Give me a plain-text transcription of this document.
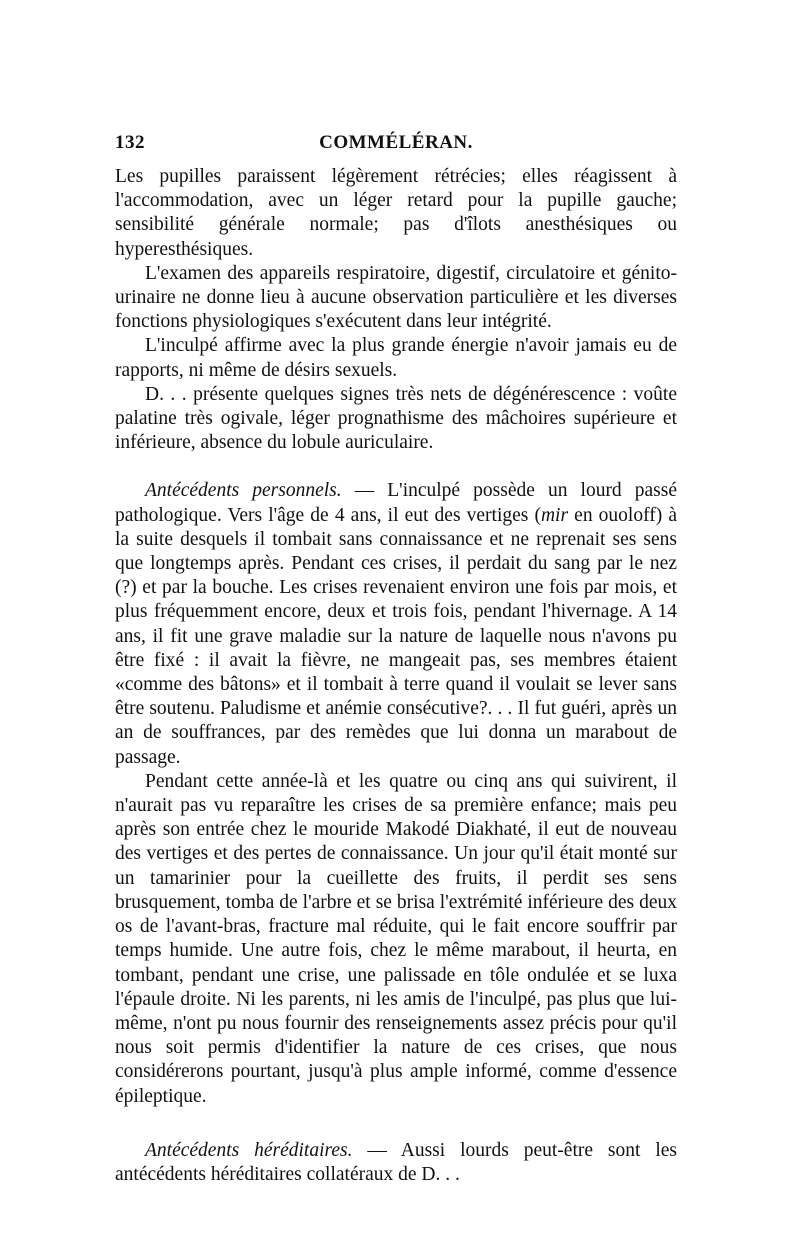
132	COMMÉLÉRAN.

Les pupilles paraissent légèrement rétrécies; elles réagissent à l'accommodation, avec un léger retard pour la pupille gauche; sensibilité générale normale; pas d'îlots anesthésiques ou hyperesthésiques.

L'examen des appareils respiratoire, digestif, circulatoire et génito-urinaire ne donne lieu à aucune observation particulière et les diverses fonctions physiologiques s'exécutent dans leur intégrité.

L'inculpé affirme avec la plus grande énergie n'avoir jamais eu de rapports, ni même de désirs sexuels.

D. . . présente quelques signes très nets de dégénérescence : voûte palatine très ogivale, léger prognathisme des mâchoires supérieure et inférieure, absence du lobule auriculaire.

Antécédents personnels. — L'inculpé possède un lourd passé pathologique. Vers l'âge de 4 ans, il eut des vertiges (mir en ouoloff) à la suite desquels il tombait sans connaissance et ne reprenait ses sens que longtemps après. Pendant ces crises, il perdait du sang par le nez (?) et par la bouche. Les crises revenaient environ une fois par mois, et plus fréquemment encore, deux et trois fois, pendant l'hivernage. A 14 ans, il fit une grave maladie sur la nature de laquelle nous n'avons pu être fixé : il avait la fièvre, ne mangeait pas, ses membres étaient «comme des bâtons» et il tombait à terre quand il voulait se lever sans être soutenu. Paludisme et anémie consécutive?. . . Il fut guéri, après un an de souffrances, par des remèdes que lui donna un marabout de passage.

Pendant cette année-là et les quatre ou cinq ans qui suivirent, il n'aurait pas vu reparaître les crises de sa première enfance; mais peu après son entrée chez le mouride Makodé Diakhaté, il eut de nouveau des vertiges et des pertes de connaissance. Un jour qu'il était monté sur un tamarinier pour la cueillette des fruits, il perdit ses sens brusquement, tomba de l'arbre et se brisa l'extrémité inférieure des deux os de l'avant-bras, fracture mal réduite, qui le fait encore souffrir par temps humide. Une autre fois, chez le même marabout, il heurta, en tombant, pendant une crise, une palissade en tôle ondulée et se luxa l'épaule droite. Ni les parents, ni les amis de l'inculpé, pas plus que lui-même, n'ont pu nous fournir des renseignements assez précis pour qu'il nous soit permis d'identifier la nature de ces crises, que nous considérerons pourtant, jusqu'à plus ample informé, comme d'essence épileptique.

Antécédents héréditaires. — Aussi lourds peut-être sont les antécédents héréditaires collatéraux de D. . .
